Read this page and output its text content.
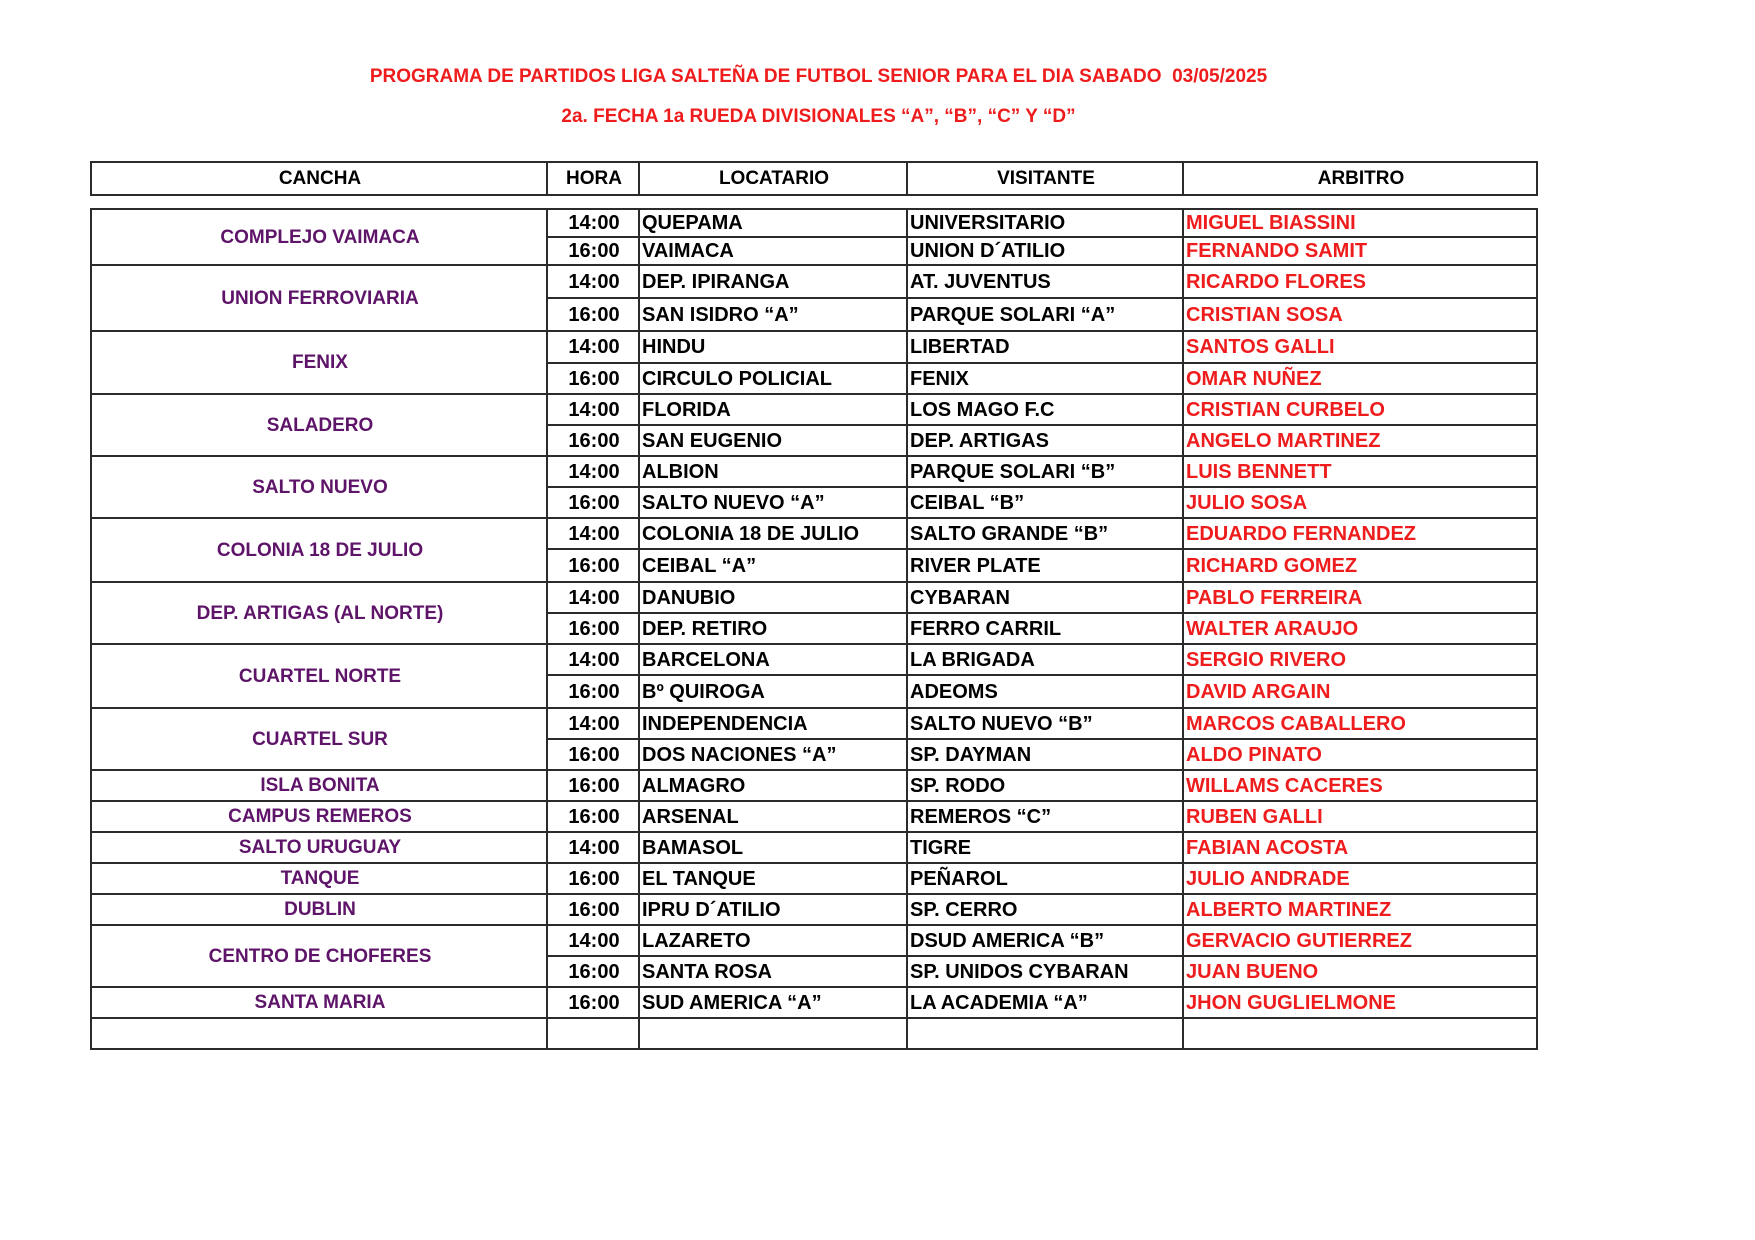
PROGRAMA DE PARTIDOS LIGA SALTEÑA DE FUTBOL SENIOR PARA EL DIA SABADO  03/05/2025
2a. FECHA 1a RUEDA DIVISIONALES “A”, “B”, “C” Y “D”
CANCHA	HORA	LOCATARIO	VISITANTE	ARBITRO
COMPLEJO VAIMACA	14:00	QUEPAMA	UNIVERSITARIO	MIGUEL BIASSINI
	16:00	VAIMACA	UNION D´ATILIO	FERNANDO SAMIT
UNION FERROVIARIA	14:00	DEP. IPIRANGA	AT. JUVENTUS	RICARDO FLORES
	16:00	SAN ISIDRO “A”	PARQUE SOLARI “A”	CRISTIAN SOSA
FENIX	14:00	HINDU	LIBERTAD	SANTOS GALLI
	16:00	CIRCULO POLICIAL	FENIX	OMAR NUÑEZ
SALADERO	14:00	FLORIDA	LOS MAGO F.C	CRISTIAN CURBELO
	16:00	SAN EUGENIO	DEP. ARTIGAS	ANGELO MARTINEZ
SALTO NUEVO	14:00	ALBION	PARQUE SOLARI “B”	LUIS BENNETT
	16:00	SALTO NUEVO “A”	CEIBAL “B”	JULIO SOSA
COLONIA 18 DE JULIO	14:00	COLONIA 18 DE JULIO	SALTO GRANDE “B”	EDUARDO FERNANDEZ
	16:00	CEIBAL “A”	RIVER PLATE	RICHARD GOMEZ
DEP. ARTIGAS (AL NORTE)	14:00	DANUBIO	CYBARAN	PABLO FERREIRA
	16:00	DEP. RETIRO	FERRO CARRIL	WALTER ARAUJO
CUARTEL NORTE	14:00	BARCELONA	LA BRIGADA	SERGIO RIVERO
	16:00	Bº QUIROGA	ADEOMS	DAVID ARGAIN
CUARTEL SUR	14:00	INDEPENDENCIA	SALTO NUEVO “B”	MARCOS CABALLERO
	16:00	DOS NACIONES “A”	SP. DAYMAN	ALDO PINATO
ISLA BONITA	16:00	ALMAGRO	SP. RODO	WILLAMS CACERES
CAMPUS REMEROS	16:00	ARSENAL	REMEROS “C”	RUBEN GALLI
SALTO URUGUAY	14:00	BAMASOL	TIGRE	FABIAN ACOSTA
TANQUE	16:00	EL TANQUE	PEÑAROL	JULIO ANDRADE
DUBLIN	16:00	IPRU D´ATILIO	SP. CERRO	ALBERTO MARTINEZ
CENTRO DE CHOFERES	14:00	LAZARETO	DSUD AMERICA “B”	GERVACIO GUTIERREZ
	16:00	SANTA ROSA	SP. UNIDOS CYBARAN	JUAN BUENO
SANTA MARIA	16:00	SUD AMERICA “A”	LA ACADEMIA “A”	JHON GUGLIELMONE
